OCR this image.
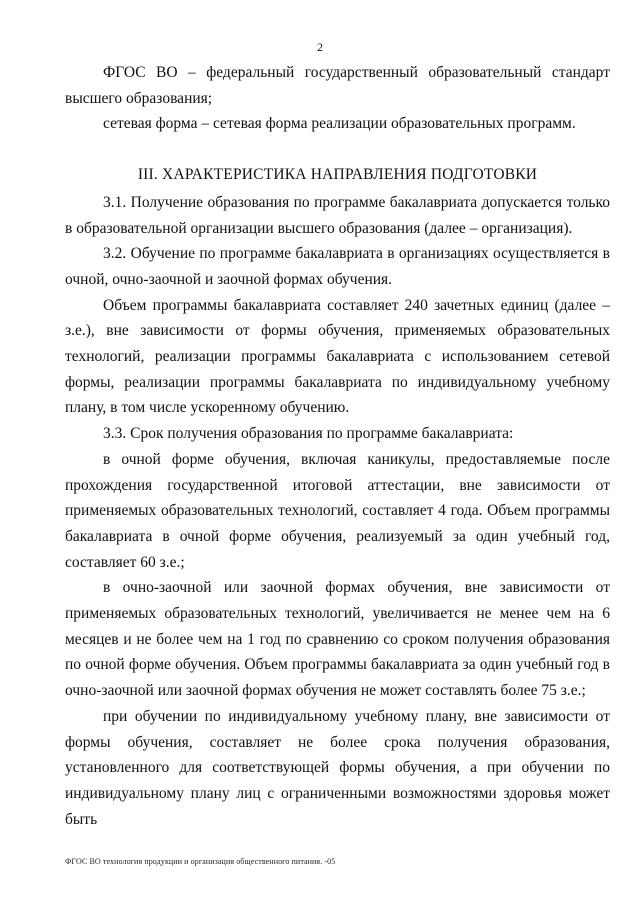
2

ФГОС ВО – федеральный государственный образовательный стандарт высшего образования;

сетевая форма – сетевая форма реализации образовательных программ.

III. ХАРАКТЕРИСТИКА НАПРАВЛЕНИЯ ПОДГОТОВКИ

3.1. Получение образования по программе бакалавриата допускается только в образовательной организации высшего образования (далее – организация).

3.2. Обучение по программе бакалавриата в организациях осуществляется в очной, очно-заочной и заочной формах обучения.

Объем программы бакалавриата составляет 240 зачетных единиц (далее – з.е.), вне зависимости от формы обучения, применяемых образовательных технологий, реализации программы бакалавриата с использованием сетевой формы, реализации программы бакалавриата по индивидуальному учебному плану, в том числе ускоренному обучению.

3.3. Срок получения образования по программе бакалавриата:

в очной форме обучения, включая каникулы, предоставляемые после прохождения государственной итоговой аттестации, вне зависимости от применяемых образовательных технологий, составляет 4 года. Объем программы бакалавриата в очной форме обучения, реализуемый за один учебный год, составляет 60 з.е.;

в очно-заочной или заочной формах обучения, вне зависимости от применяемых образовательных технологий, увеличивается не менее чем на 6 месяцев и не более чем на 1 год по сравнению со сроком получения образования по очной форме обучения. Объем программы бакалавриата за один учебный год в очно-заочной или заочной формах обучения не может составлять более 75 з.е.;

при обучении по индивидуальному учебному плану, вне зависимости от формы обучения, составляет не более срока получения образования, установленного для соответствующей формы обучения, а при обучении по индивидуальному плану лиц с ограниченными возможностями здоровья может быть

ФГОС ВО технология продукции и организация общественного питания. -05
